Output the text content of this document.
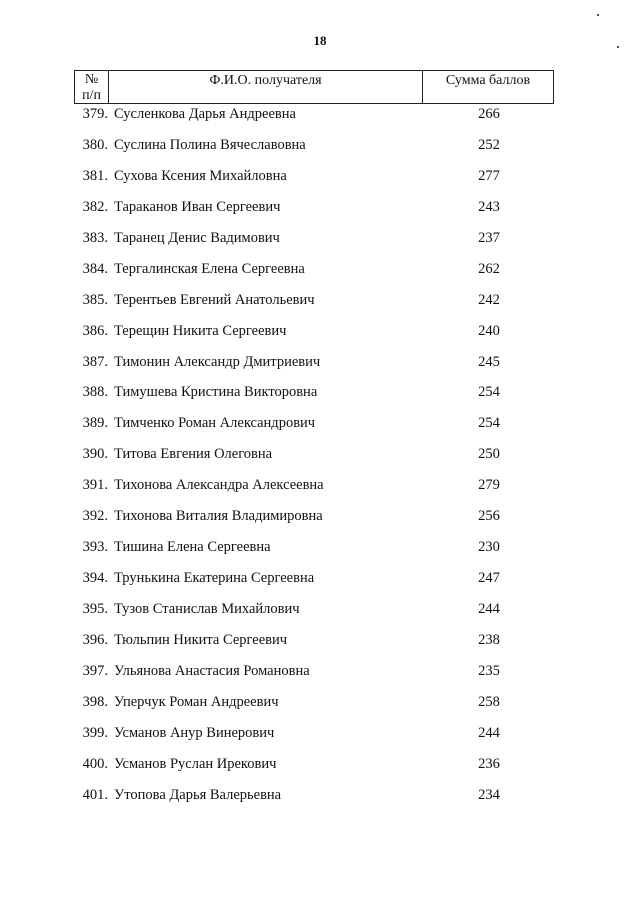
18
№
п/п
Ф.И.О. получателя	Сумма баллов
379. Сусленкова Дарья Андреевна	266
380. Суслина Полина Вячеславовна	252
381. Сухова Ксения Михайловна	277
382. Тараканов Иван Сергеевич	243
383. Таранец Денис Вадимович	237
384. Тергалинская Елена Сергеевна	262
385. Терентьев Евгений Анатольевич	242
386. Терещин Никита Сергеевич	240
387. Тимонин Александр Дмитриевич	245
388. Тимушева Кристина Викторовна	254
389. Тимченко Роман Александрович	254
390. Титова Евгения Олеговна	250
391. Тихонова Александра Алексеевна	279
392. Тихонова Виталия Владимировна	256
393. Тишина Елена Сергеевна	230
394. Трунькина Екатерина Сергеевна	247
395. Тузов Станислав Михайлович	244
396. Тюльпин Никита Сергеевич	238
397. Ульянова Анастасия Романовна	235
398. Уперчук Роман Андреевич	258
399. Усманов Анур Винерович	244
400. Усманов Руслан Ирекович	236
401. Утопова Дарья Валерьевна	234
